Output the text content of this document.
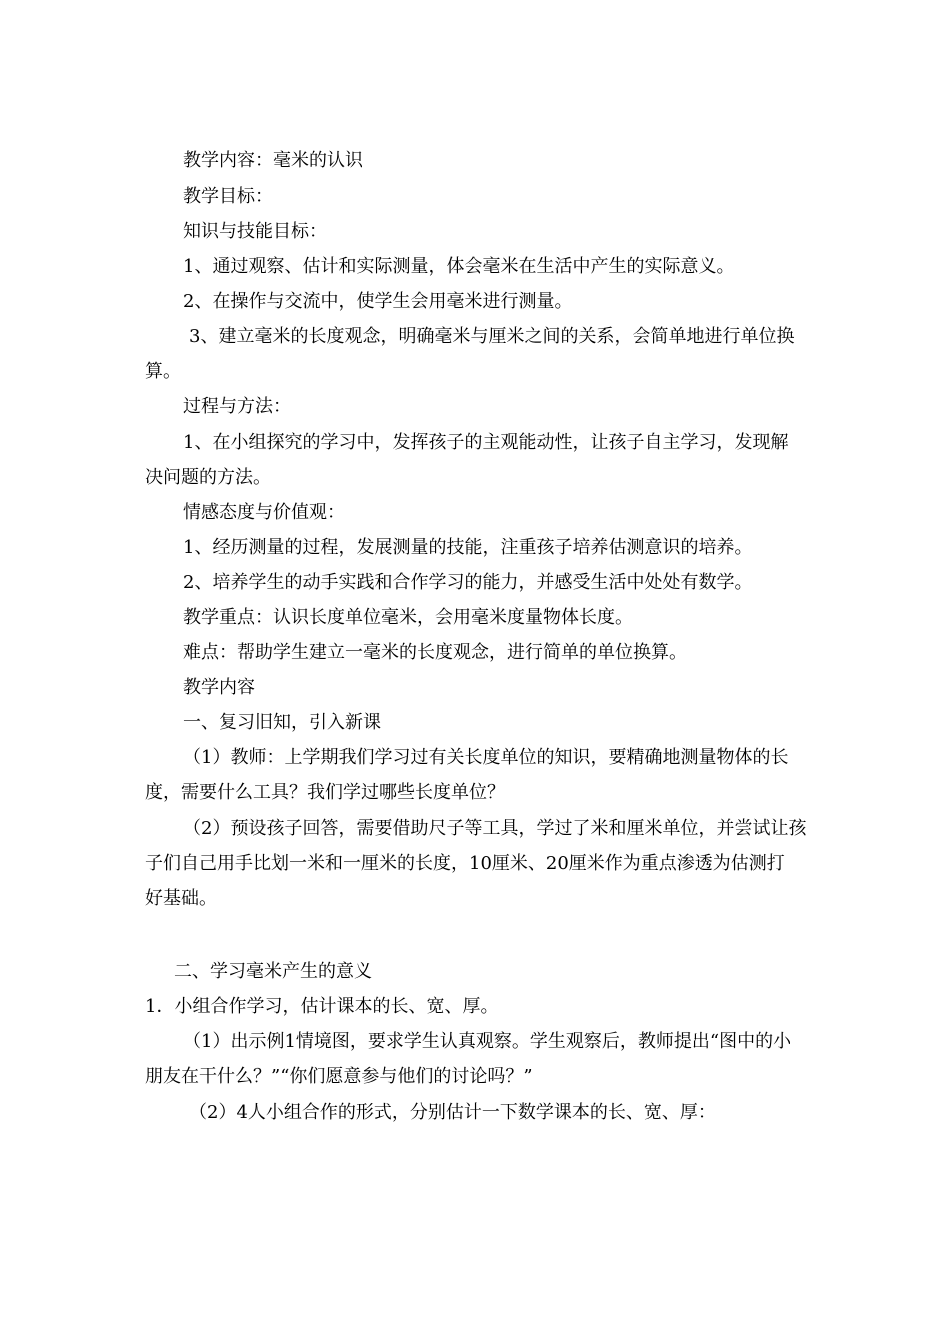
教学内容：毫米的认识
教学目标：
知识与技能目标：
1、通过观察、估计和实际测量，体会毫米在生活中产生的实际意义。
2、在操作与交流中，使学生会用毫米进行测量。
3、建立毫米的长度观念，明确毫米与厘米之间的关系，会简单地进行单位换
算。
过程与方法：
1、在小组探究的学习中，发挥孩子的主观能动性，让孩子自主学习，发现解
决问题的方法。
情感态度与价值观：
1、经历测量的过程，发展测量的技能，注重孩子培养估测意识的培养。
2、培养学生的动手实践和合作学习的能力，并感受生活中处处有数学。
教学重点：认识长度单位毫米，会用毫米度量物体长度。
难点：帮助学生建立一毫米的长度观念，进行简单的单位换算。
教学内容
一、复习旧知，引入新课
（1）教师：上学期我们学习过有关长度单位的知识，要精确地测量物体的长
度，需要什么工具？我们学过哪些长度单位？
（2）预设孩子回答，需要借助尺子等工具，学过了米和厘米单位，并尝试让孩
子们自己用手比划一米和一厘米的长度，10厘米、20厘米作为重点渗透为估测打
好基础。
二、学习毫米产生的意义
1．小组合作学习，估计课本的长、宽、厚。
（1）出示例1情境图，要求学生认真观察。学生观察后，教师提出“图中的小
朋友在干什么？”“你们愿意参与他们的讨论吗？”
（2）4人小组合作的形式，分别估计一下数学课本的长、宽、厚：
